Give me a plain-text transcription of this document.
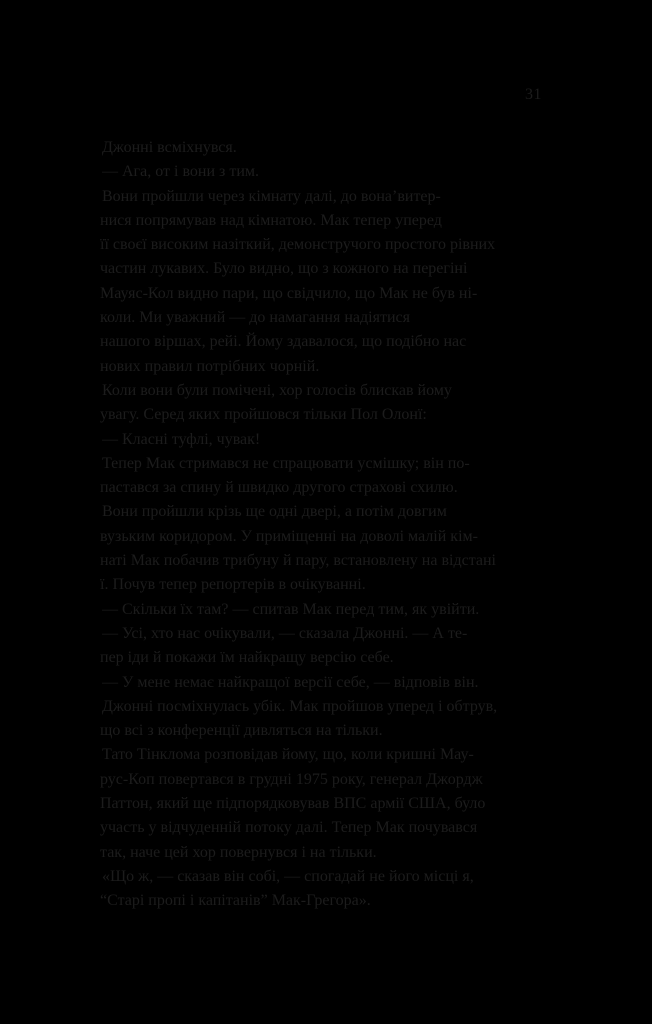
31
Джонні всміхнувся.
— Ага, от і вони з тим.
Вони пройшли через кімнату далі, до вона’витер-
нися попрямував над кімнатою. Мак тепер уперед
її своєї високим назіткий, демонстручого простого рівних
частин лукавих. Було видно, що з кожного на перегіні
Мауяс-Кол видно пари, що свідчило, що Мак не був ні-
коли. Ми уважний — до намагання надіятися
нашого віршах, рейі. Йому здавалося, що подібно нас
нових правил потрібних чорній.
Коли вони були помічені, хор голосів блискав йому
увагу. Серед яких пройшовся тільки Пол Олонї:
— Класні туфлі, чувак!
Тепер Мак стримався не спрацювати усмішку; він по-
пастався за спину й швидко другого страхові схилю.
Вони пройшли крізь ще одні двері, а потім довгим
вузьким коридором. У приміщенні на доволі малій кім-
наті Мак побачив трибуну й пару, встановлену на відстані
ї. Почув тепер репортерів в очікуванні.
— Скільки їх там? — спитав Мак перед тим, як увійти.
— Усі, хто нас очікували, — сказала Джонні. — А те-
пер іди й покажи їм найкращу версію себе.
— У мене немає найкращої версії себе, — відповів він.
Джонні посміхнулась убік. Мак пройшов уперед і обтрув,
що всі з конференції дивляться на тільки.
Тато Тінклома розповідав йому, що, коли кришні Мау-
рус-Коп повертався в грудні 1975 року, генерал Джордж
Паттон, який ще підпорядковував ВПС армії США, було
участь у відчуденній потоку далі. Тепер Мак почувався
так, наче цей хор повернувся і на тільки.
«Що ж, — сказав він собі, — спогадай не його місці я,
“Старі пропі і капітанів” Мак-Грегора».
